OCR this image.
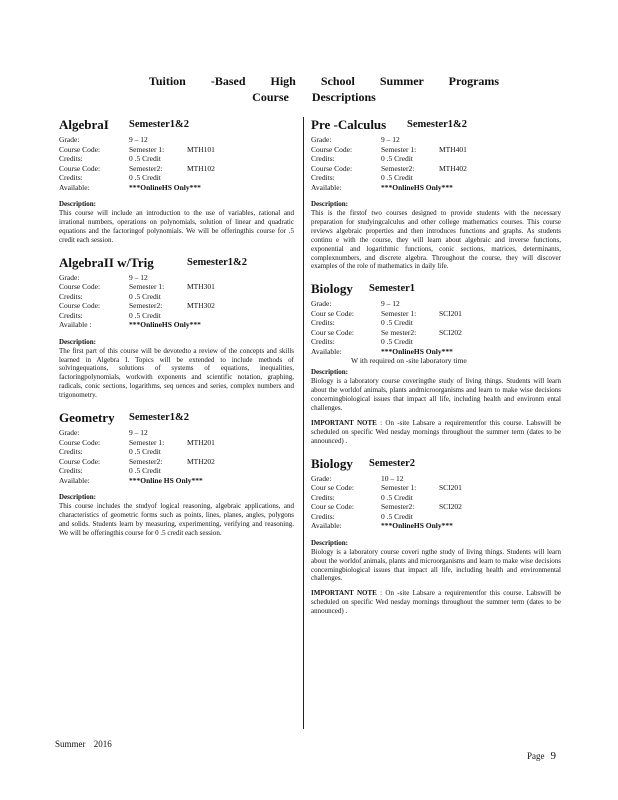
Tuition -Based High School Summer Programs
Course Descriptions
AlgebraI Semester1&2
Grade:	9 – 12
Course Code:	Semester 1:	MTH101
Credits:	0 .5 Credit
Course Code:	Semester2:	MTH102
Credits:	0 .5 Credit
Available:	***OnlineHS Only***
Description:

This course will include an introduction to the use of variables, rational and irrational numbers, operations on polynomials, solution of linear and quadratic equations and the factoringof polynomials. We will be offeringthis course for .5 credit each session.

AlgebraII w/Trig	Semester1&2
Grade:	9 – 12
Course Code:	Semester 1:	MTH301
Credits:	0 .5 Credit
Course Code:	Semester2:	MTH302
Credits:	0 .5 Credit
Available :	***OnlineHS Only***
Description:

The first part of this course will be devotedto a review of the concepts and skills learned in Algebra I. Topics will be extended to include methods of solvingequations, solutions of systems of equations, inequalities, factoringpolynomials, workwith exponents and scientific notation, graphing, radicals, conic sections, logarithms, seq uences and series, complex numbers and trigonometry.

Geometry Semester1&2
Grade:	9 – 12
Course Code:	Semester 1:	MTH201
Credits:	0 .5 Credit
Course Code:	Semester2:	MTH202
Credits:	0 .5 Credit
Available:	***Online HS Only***
Description:

This course includes the studyof logical reasoning, algebraic applications, and characteristics of geometric forms such as points, lines, planes, angles, polygons and solids. Students learn by measuring, experimenting, verifying and reasoning. We will be offeringthis course for 0 .5 credit each session.

Pre -Calculus Semester1&2
Grade:	9 – 12
Course Code:	Semester 1:	MTH401
Credits:	0 .5 Credit
Course Code:	Semester2:	MTH402
Credits:	0 .5 Credit
Available:	***OnlineHS Only***
Description:

This is the firstof two courses designed to provide students with the necessary preparation for studyingcalculus and other college mathematics courses. This course reviews algebraic properties and then introduces functions and graphs. As students continu e with the course, they will learn about algebraic and inverse functions, exponential and logarithmic functions, conic sections, matrices, determinants, complexnumbers, and discrete algebra. Throughout the course, they will discover examples of the role of mathematics in daily life.

Biology Semester1
Grade:	9 – 12
Cour se Code:	Semester 1:	SCI201
Credits:	0 .5 Credit
Cour se Code:	Se mester2:	SCI202
Credits:	0 .5 Credit
Available:	***OnlineHS Only***
W ith required on -site laboratory time
Description:

Biology is a laboratory course coveringthe study of living things. Students will learn about the worldof animals, plants andmicroorganisms and learn to make wise decisions concerningbiological issues that impact all life, including health and environm ental challenges.

IMPORTANT NOTE : On -site Labsare a requirementfor this course. Labswill be scheduled on specific Wed nesday mornings throughout the summer term (dates to be announced) .
Biology Semester2
Grade:	10 – 12
Cour se Code:	Semester 1:	SCI201
Credits:	0 .5 Credit
Cour se Code:	Semester2:	SCI202
Credits:	0 .5 Credit
Available:	***OnlineHS Only***
Description:

Biology is a laboratory course coveri ngthe study of living things. Students will learn about the worldof animals, plants and microorganisms and learn to make wise decisions concerningbiological issues that impact all life, including health and environmental challenges.

IMPORTANT NOTE : On -site Labsare a requirementfor this course. Labswill be scheduled on specific Wed nesday mornings throughout the summer term (dates to be announced) .
Summer 2016
Page 9
